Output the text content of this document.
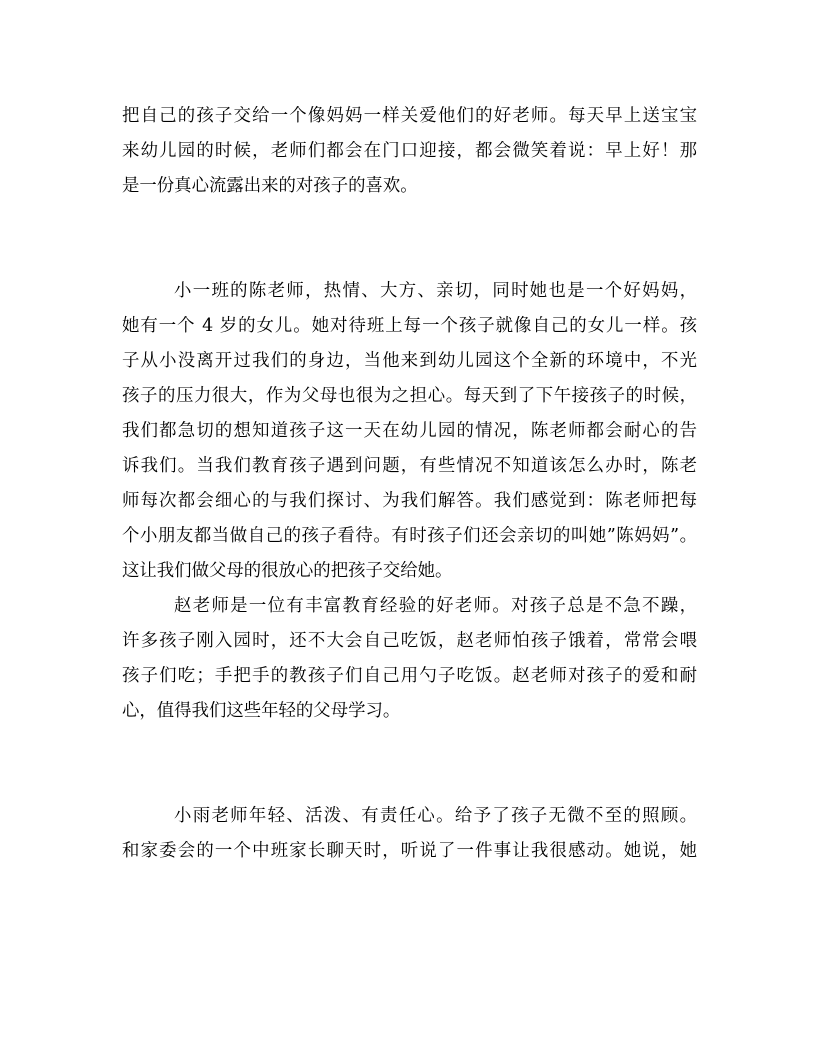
把自己的孩子交给一个像妈妈一样关爱他们的好老师。每天早上送宝宝
来幼儿园的时候，老师们都会在门口迎接，都会微笑着说：早上好！那
是一份真心流露出来的对孩子的喜欢。
小一班的陈老师，热情、大方、亲切，同时她也是一个好妈妈，
她有一个 4 岁的女儿。她对待班上每一个孩子就像自己的女儿一样。孩
子从小没离开过我们的身边，当他来到幼儿园这个全新的环境中，不光
孩子的压力很大，作为父母也很为之担心。每天到了下午接孩子的时候，
我们都急切的想知道孩子这一天在幼儿园的情况，陈老师都会耐心的告
诉我们。当我们教育孩子遇到问题，有些情况不知道该怎么办时，陈老
师每次都会细心的与我们探讨、为我们解答。我们感觉到：陈老师把每
个小朋友都当做自己的孩子看待。有时孩子们还会亲切的叫她”陈妈妈”。
这让我们做父母的很放心的把孩子交给她。
赵老师是一位有丰富教育经验的好老师。对孩子总是不急不躁，
许多孩子刚入园时，还不大会自己吃饭，赵老师怕孩子饿着，常常会喂
孩子们吃；手把手的教孩子们自己用勺子吃饭。赵老师对孩子的爱和耐
心，值得我们这些年轻的父母学习。
小雨老师年轻、活泼、有责任心。给予了孩子无微不至的照顾。
和家委会的一个中班家长聊天时，听说了一件事让我很感动。她说，她
